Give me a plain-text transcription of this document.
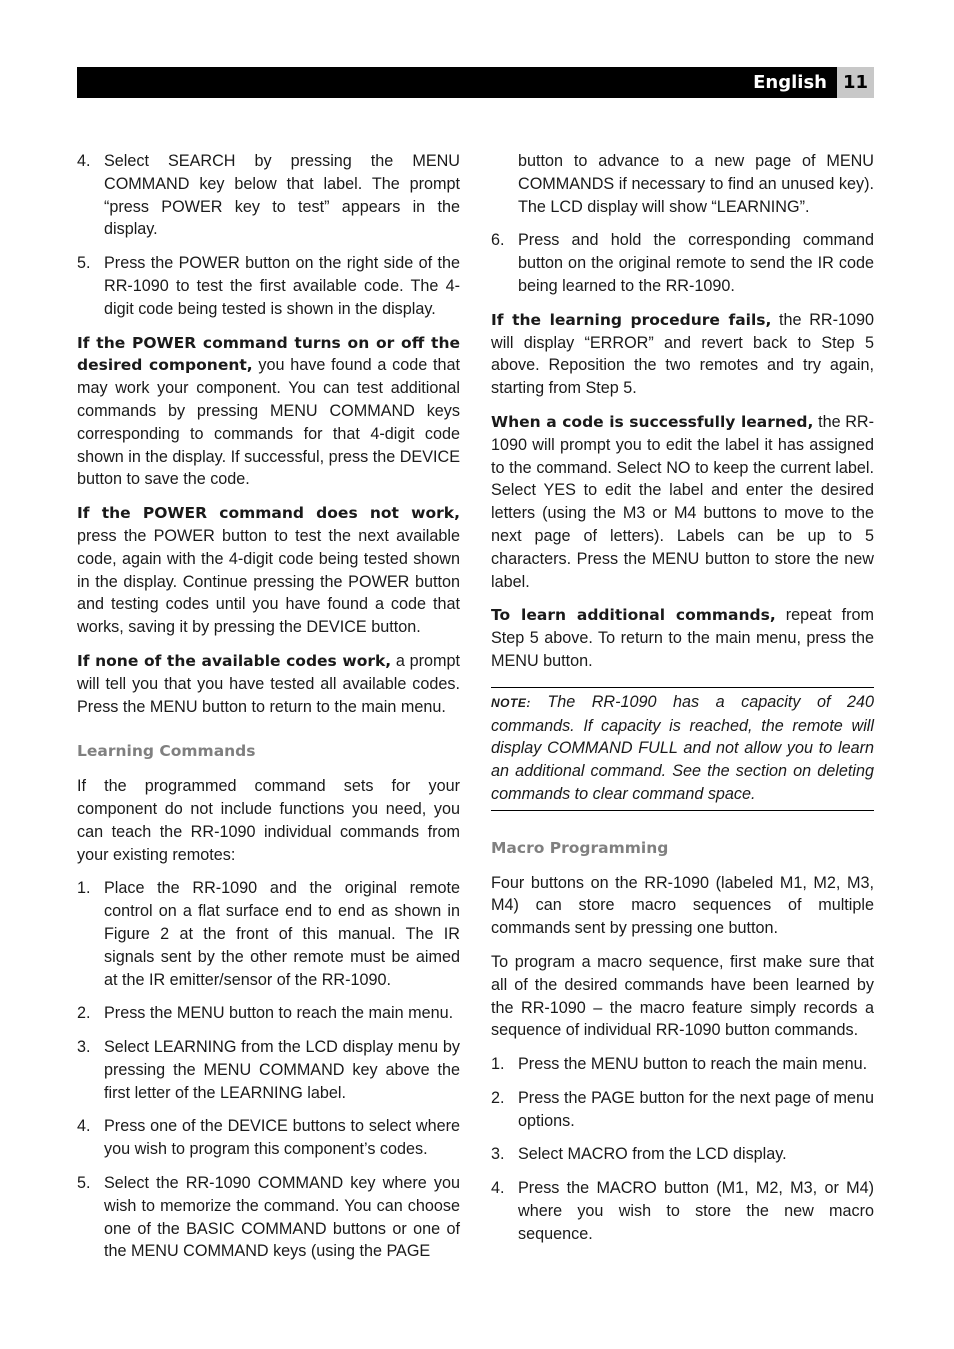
English 11
4. Select SEARCH by pressing the MENU COMMAND key below that label. The prompt “press POWER key to test” appears in the display.
5. Press the POWER button on the right side of the RR-1090 to test the first available code. The 4-digit code being tested is shown in the display.

If the POWER command turns on or off the desired component, you have found a code that may work your component. You can test additional commands by pressing MENU COMMAND keys corresponding to commands for that 4-digit code shown in the display. If successful, press the DEVICE button to save the code.

If the POWER command does not work, press the POWER button to test the next available code, again with the 4-digit code being tested shown in the display. Continue pressing the POWER button and testing codes until you have found a code that works, saving it by pressing the DEVICE button.

If none of the available codes work, a prompt will tell you that you have tested all available codes. Press the MENU button to return to the main menu.

Learning Commands

If the programmed command sets for your component do not include functions you need, you can teach the RR-1090 individual commands from your existing remotes:

1. Place the RR-1090 and the original remote control on a flat surface end to end as shown in Figure 2 at the front of this manual. The IR signals sent by the other remote must be aimed at the IR emitter/sensor of the RR-1090.
2. Press the MENU button to reach the main menu.
3. Select LEARNING from the LCD display menu by pressing the MENU COMMAND key above the first letter of the LEARNING label.
4. Press one of the DEVICE buttons to select where you wish to program this component’s codes.
5. Select the RR-1090 COMMAND key where you wish to memorize the command. You can choose one of the BASIC COMMAND buttons or one of the MENU COMMAND keys (using the PAGE
button to advance to a new page of MENU COMMANDS if necessary to find an unused key). The LCD display will show “LEARNING”.
6. Press and hold the corresponding command button on the original remote to send the IR code being learned to the RR-1090.

If the learning procedure fails, the RR-1090 will display “ERROR” and revert back to Step 5 above. Reposition the two remotes and try again, starting from Step 5.

When a code is successfully learned, the RR-1090 will prompt you to edit the label it has assigned to the command. Select NO to keep the current label. Select YES to edit the label and enter the desired letters (using the M3 or M4 buttons to move to the next page of letters). Labels can be up to 5 characters. Press the MENU button to store the new label.

To learn additional commands, repeat from Step 5 above. To return to the main menu, press the MENU button.

NOTE: The RR-1090 has a capacity of 240 commands. If capacity is reached, the remote will display COMMAND FULL and not allow you to learn an additional command. See the section on deleting commands to clear command space.
Macro Programming

Four buttons on the RR-1090 (labeled M1, M2, M3, M4) can store macro sequences of multiple commands sent by pressing one button.

To program a macro sequence, first make sure that all of the desired commands have been learned by the RR-1090 – the macro feature simply records a sequence of individual RR-1090 button commands.

1. Press the MENU button to reach the main menu.
2. Press the PAGE button for the next page of menu options.
3. Select MACRO from the LCD display.
4. Press the MACRO button (M1, M2, M3, or M4) where you wish to store the new macro sequence.
